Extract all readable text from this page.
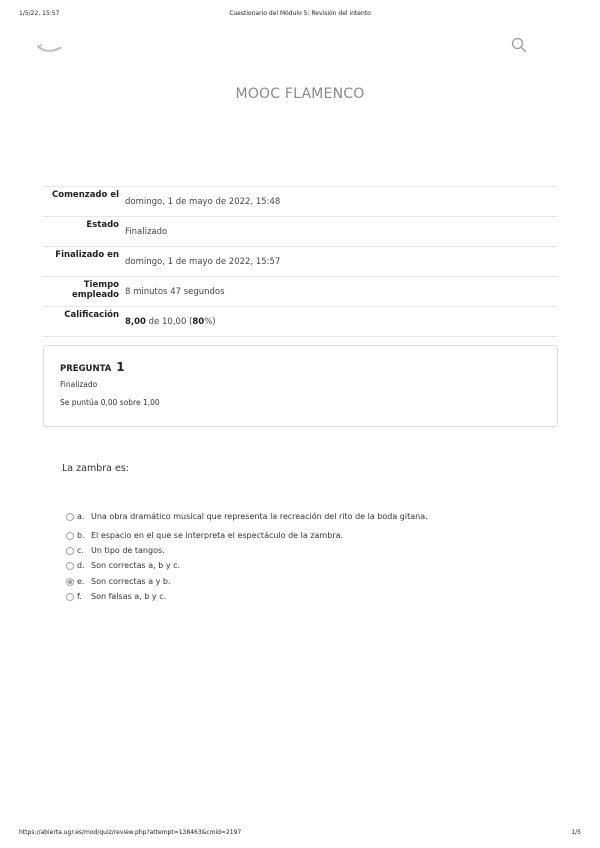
1/5/22, 15:57	Cuestionario del Módulo 5: Revisión del intento
MOOC FLAMENCO
Comenzado el
domingo, 1 de mayo de 2022, 15:48
Estado
Finalizado
Finalizado en
domingo, 1 de mayo de 2022, 15:57
Tiempo empleado 8 minutos 47 segundos
Calificación
8,00 de 10,00 (80%)
PREGUNTA 1
Finalizado
Se puntúa 0,00 sobre 1,00
La zambra es:
a. Una obra dramático musical que representa la recreación del rito de la boda gitana.
b. El espacio en el que se interpreta el espectáculo de la zambra.
c. Un tipo de tangos.
d. Son correctas a, b y c.
e. Son correctas a y b.
f. Son falsas a, b y c.
https://abierta.ugr.es/mod/quiz/review.php?attempt=138463&cmid=2197	1/5
